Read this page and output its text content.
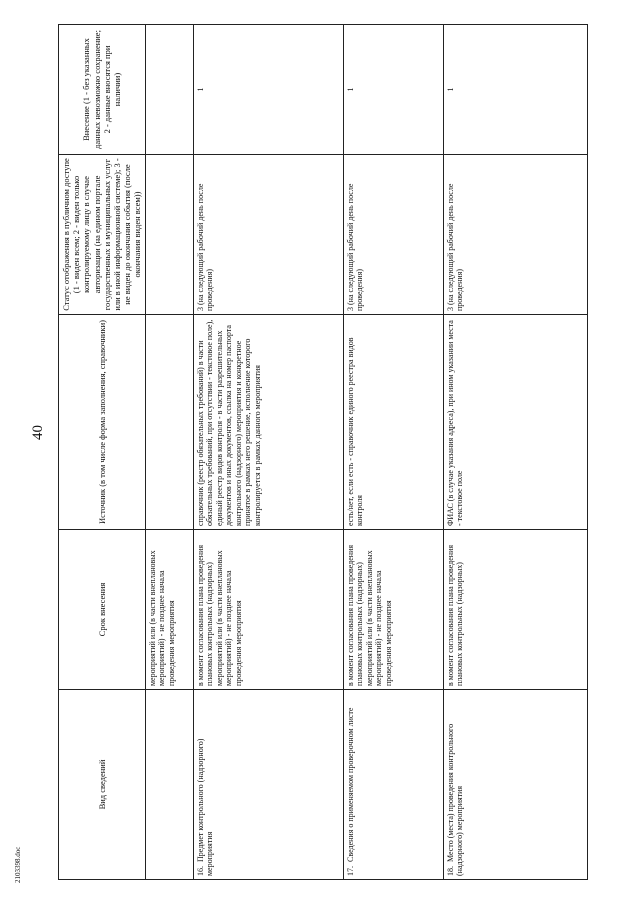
40
Вид сведений	Срок внесения	Источник (в том числе форма заполнения, справочники)	Статус отображения в публичном доступе (1 - виден всем; 2 - виден только контролируемому лицу в случае авторизации (на едином портале государственных и муниципальных услуг или в иной информационной системе); 3 - не виден до окончания события (после окончания виден всем))	Внесение (1 - без указанных данных невозможно сохранение; 2 - данные вносятся при наличии)
	мероприятий или (в части внеплановых мероприятий) - не позднее начала проведения мероприятия			
16.Предмет контрольного (надзорного) мероприятия	в момент согласования плана проведения плановых контрольных (надзорных) мероприятий или (в части внеплановых мероприятий) - не позднее начала проведения мероприятия	справочник (реестр обязательных требований) в части обязательных требований, при отсутствии - текстовое поле), единый реестр видов контроля - в части разрешительных документов и иных документов, ссылка на номер паспорта контрольного (надзорного) мероприятия и конкретное принятое в рамках него решение, исполнение которого контролируется в рамках данного мероприятия	3 (на следующий рабочий день после проведения)	1
17.Сведения о применяемом проверочном листе	в момент согласования плана проведения плановых контрольных (надзорных) мероприятий или (в части внеплановых мероприятий) - не позднее начала проведения мероприятия	есть/нет, если есть - справочник единого реестра видов контроля	3 (на следующий рабочий день после проведения)	1
18.Место (места) проведения контрольного (надзорного) мероприятия	в момент согласования плана проведения плановых контрольных (надзорных)	ФИАС (в случае указания адреса), при ином указании места - текстовое поле	3 (на следующий рабочий день после проведения)	1
2103398.doc
